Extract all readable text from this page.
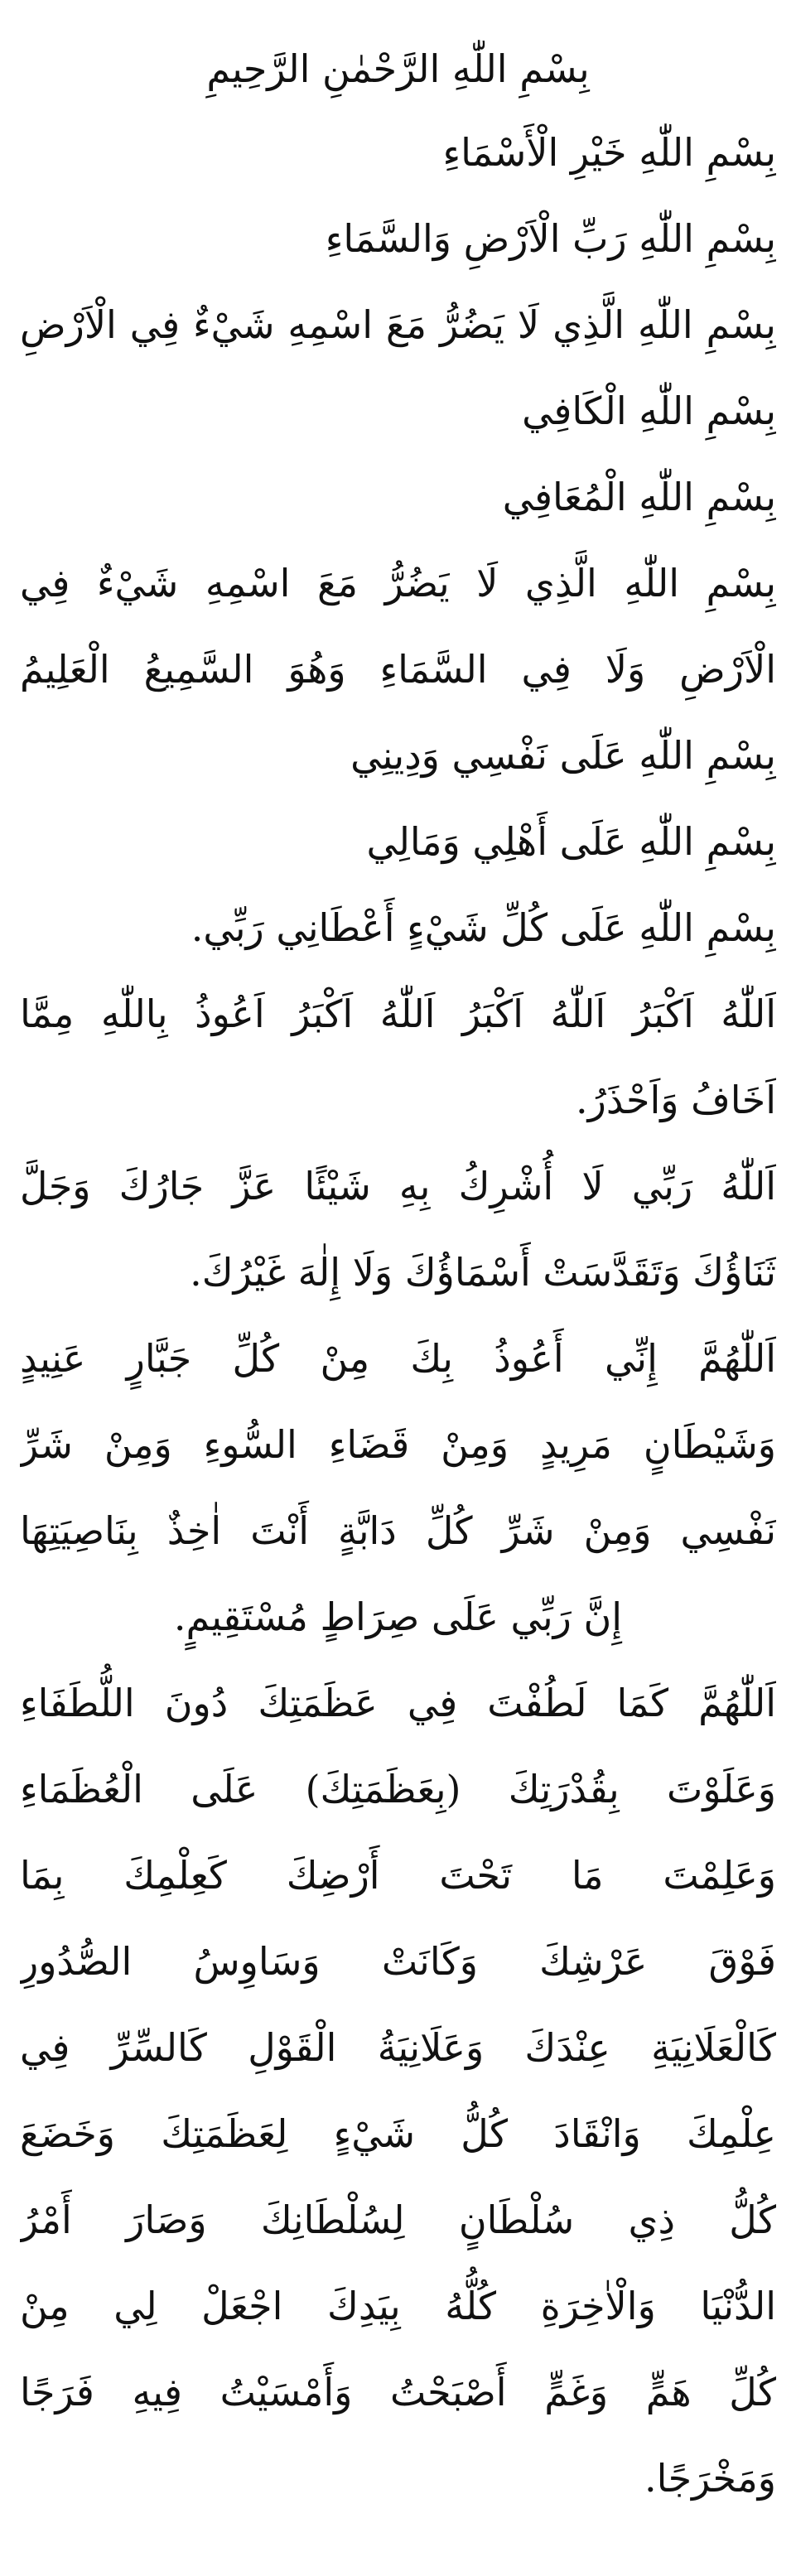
بِسْمِ اللّٰهِ الرَّحْمٰنِ الرَّحِيمِ

بِسْمِ اللّٰهِ خَيْرِ الْأَسْمَاءِ

بِسْمِ اللّٰهِ رَبِّ الْاَرْضِ وَالسَّمَاءِ

بِسْمِ اللّٰهِ الَّذِي لَا يَضُرُّ مَعَ اسْمِهِ شَيْءٌ فِي الْاَرْضِ

بِسْمِ اللّٰهِ الْكَافِي

بِسْمِ اللّٰهِ الْمُعَافِي

بِسْمِ اللّٰهِ الَّذِي لَا يَضُرُّ مَعَ اسْمِهِ شَيْءٌ فِي

الْاَرْضِ وَلَا فِي السَّمَاءِ وَهُوَ السَّمِيعُ الْعَلِيمُ

بِسْمِ اللّٰهِ عَلَى نَفْسِي وَدِينِي

بِسْمِ اللّٰهِ عَلَى أَهْلِي وَمَالِي

بِسْمِ اللّٰهِ عَلَى كُلِّ شَيْءٍ أَعْطَانِي رَبِّي.

اَللّٰهُ اَكْبَرُ اَللّٰهُ اَكْبَرُ اَللّٰهُ اَكْبَرُ اَعُوذُ بِاللّٰهِ مِمَّا

اَخَافُ وَاَحْذَرُ.

اَللّٰهُ رَبِّي لَا أُشْرِكُ بِهِ شَيْئًا عَزَّ جَارُكَ وَجَلَّ

ثَنَاؤُكَ وَتَقَدَّسَتْ أَسْمَاؤُكَ وَلَا إِلٰهَ غَيْرُكَ.

اَللّٰهُمَّ إِنِّي أَعُوذُ بِكَ مِنْ كُلِّ جَبَّارٍ عَنِيدٍ

وَشَيْطَانٍ مَرِيدٍ وَمِنْ قَضَاءِ السُّوءِ وَمِنْ شَرِّ

نَفْسِي وَمِنْ شَرِّ كُلِّ دَابَّةٍ أَنْتَ اٰخِذٌ بِنَاصِيَتِهَا

إِنَّ رَبِّي عَلَى صِرَاطٍ مُسْتَقِيمٍ.

اَللّٰهُمَّ كَمَا لَطُفْتَ فِي عَظَمَتِكَ دُونَ اللُّطَفَاءِ

وَعَلَوْتَ بِقُدْرَتِكَ (بِعَظَمَتِكَ) عَلَى الْعُظَمَاءِ

وَعَلِمْتَ مَا تَحْتَ أَرْضِكَ كَعِلْمِكَ بِمَا

فَوْقَ عَرْشِكَ وَكَانَتْ وَسَاوِسُ الصُّدُورِ

كَالْعَلَانِيَةِ عِنْدَكَ وَعَلَانِيَةُ الْقَوْلِ كَالسِّرِّ فِي

عِلْمِكَ وَانْقَادَ كُلُّ شَيْءٍ لِعَظَمَتِكَ وَخَضَعَ

كُلُّ ذِي سُلْطَانٍ لِسُلْطَانِكَ وَصَارَ أَمْرُ

الدُّنْيَا وَالْاٰخِرَةِ كُلُّهُ بِيَدِكَ اجْعَلْ لِي مِنْ

كُلِّ هَمٍّ وَغَمٍّ أَصْبَحْتُ وَأَمْسَيْتُ فِيهِ فَرَجًا

وَمَخْرَجًا.
